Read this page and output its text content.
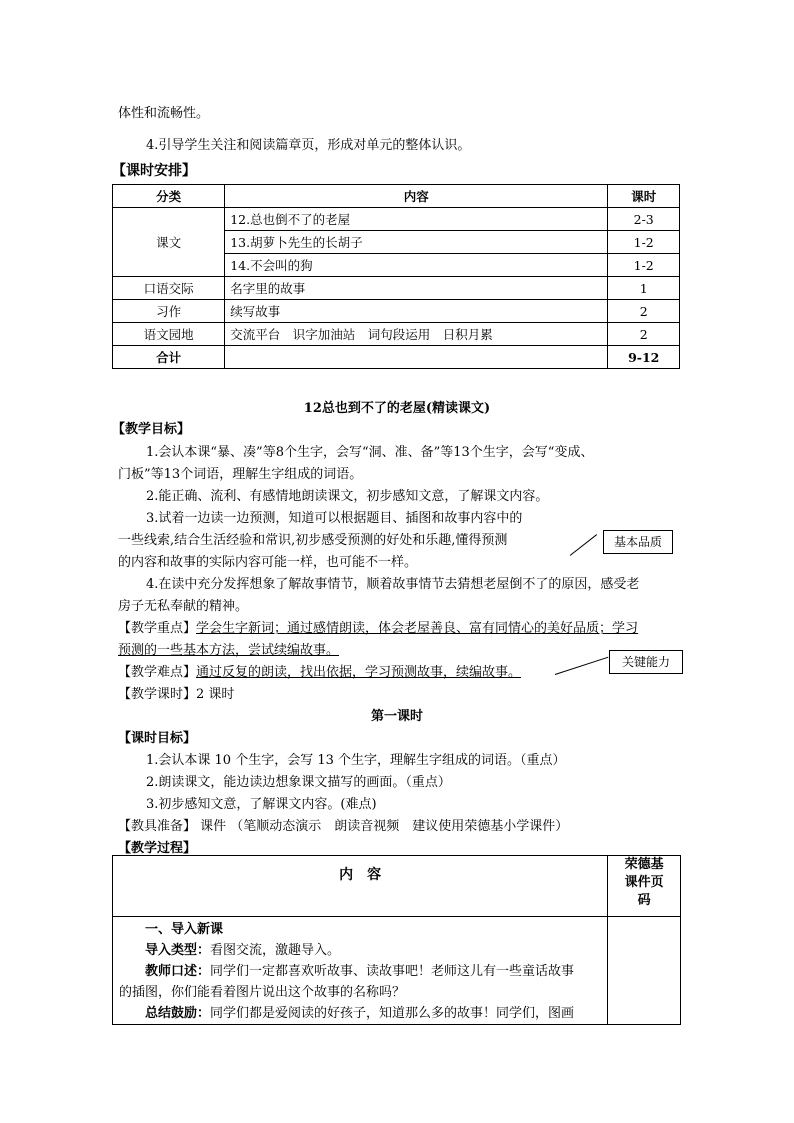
体性和流畅性。
4.引导学生关注和阅读篇章页，形成对单元的整体认识。
【课时安排】
分类	内容	课时
课文	12.总也倒不了的老屋	2-3
	13.胡萝卜先生的长胡子	1-2
	14.不会叫的狗	1-2
口语交际	名字里的故事	1
习作	续写故事	2
语文园地	交流平台　识字加油站　词句段运用　日积月累	2
合计		9-12
12总也到不了的老屋(精读课文)
【教学目标】
1.会认本课“暴、凑”等8个生字，会写“洞、准、备”等13个生字，会写“变成、
门板”等13个词语，理解生字组成的词语。
2.能正确、流利、有感情地朗读课文，初步感知文意，了解课文内容。
3.试着一边读一边预测，知道可以根据题目、插图和故事内容中的
一些线索,结合生活经验和常识,初步感受预测的好处和乐趣,懂得预测
的内容和故事的实际内容可能一样，也可能不一样。
4.在读中充分发挥想象了解故事情节，顺着故事情节去猜想老屋倒不了的原因，感受老
房子无私奉献的精神。
基本品质
【教学重点】学会生字新词；通过感情朗读，体会老屋善良、富有同情心的美好品质；学习
预测的一些基本方法，尝试续编故事。
【教学难点】通过反复的朗读，找出依据，学习预测故事，续编故事。
关键能力
【教学课时】2 课时
第一课时
【课时目标】
1.会认本课 10 个生字，会写 13 个生字，理解生字组成的词语。（重点）
2.朗读课文，能边读边想象课文描写的画面。（重点）
3.初步感知文意，了解课文内容。(难点)
【教具准备】 课件 （笔顺动态演示　朗读音视频　建议使用荣德基小学课件）
【教学过程】
内　容	荣德基
课件页
码

一、导入新课

导入类型：看图交流，激趣导入。

教师口述：同学们一定都喜欢听故事、读故事吧！老师这儿有一些童话故事

的插图，你们能看着图片说出这个故事的名称吗？

总结鼓励：同学们都是爱阅读的好孩子，知道那么多的故事！同学们，图画	
